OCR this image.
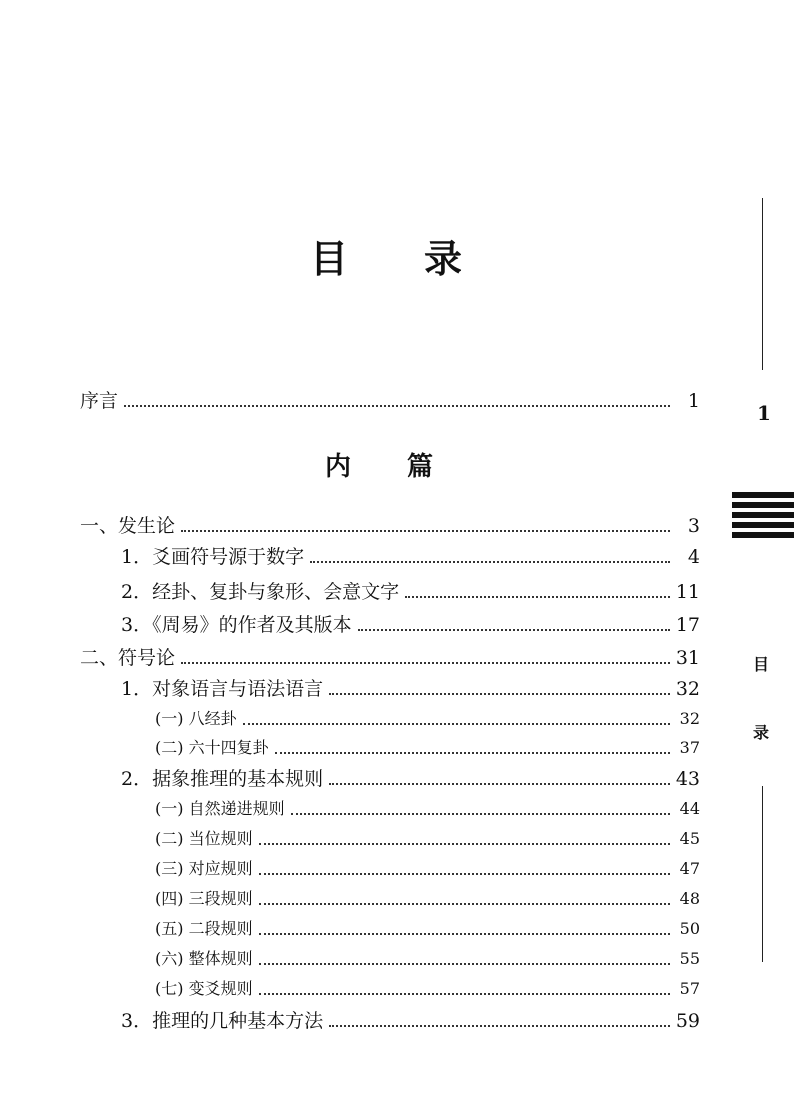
目 录
内 篇
序言	1
一、发生论	3
1．爻画符号源于数字	4
2．经卦、复卦与象形、会意文字	11
3．《周易》的作者及其版本	17
二、符号论	31
1．对象语言与语法语言	32
(一) 八经卦	32
(二) 六十四复卦	37
2．据象推理的基本规则	43
(一) 自然递进规则	44
(二) 当位规则	45
(三) 对应规则	47
(四) 三段规则	48
(五) 二段规则	50
(六) 整体规则	55
(七) 变爻规则	57
3．推理的几种基本方法	59
1
目
录
